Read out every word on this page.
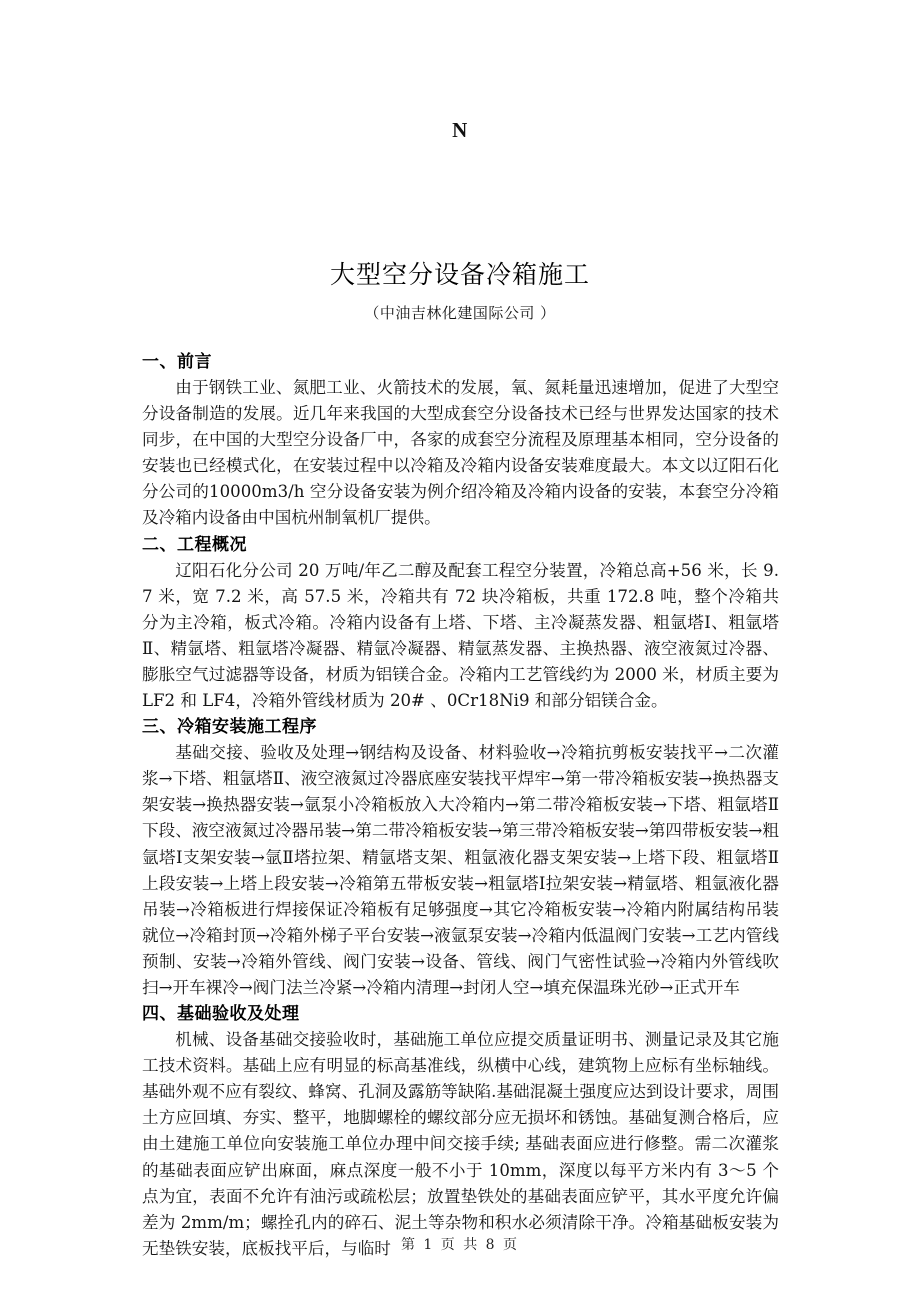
N
大型空分设备冷箱施工
（中油吉林化建国际公司 ）
一、前言

由于钢铁工业、氮肥工业、火箭技术的发展，氧、氮耗量迅速增加，促进了大型空分设备制造的发展。近几年来我国的大型成套空分设备技术已经与世界发达国家的技术同步，在中国的大型空分设备厂中，各家的成套空分流程及原理基本相同，空分设备的安装也已经模式化，在安装过程中以冷箱及冷箱内设备安装难度最大。本文以辽阳石化分公司的10000m3/h 空分设备安装为例介绍冷箱及冷箱内设备的安装，本套空分冷箱及冷箱内设备由中国杭州制氧机厂提供。

二、工程概况

辽阳石化分公司 20 万吨/年乙二醇及配套工程空分装置，冷箱总高+56 米，长 9.7 米，宽 7.2 米，高 57.5 米，冷箱共有 72 块冷箱板，共重 172.8 吨，整个冷箱共分为主冷箱，板式冷箱。冷箱内设备有上塔、下塔、主冷凝蒸发器、粗氩塔Ⅰ、粗氩塔Ⅱ、精氩塔、粗氩塔冷凝器、精氩冷凝器、精氩蒸发器、主换热器、液空液氮过冷器、膨胀空气过滤器等设备，材质为铝镁合金。冷箱内工艺管线约为 2000 米，材质主要为 LF2 和 LF4，冷箱外管线材质为 20# 、0Cr18Ni9 和部分铝镁合金。

三、冷箱安装施工程序

基础交接、验收及处理→钢结构及设备、材料验收→冷箱抗剪板安装找平→二次灌浆→下塔、粗氩塔Ⅱ、液空液氮过冷器底座安装找平焊牢→第一带冷箱板安装→换热器支架安装→换热器安装→氩泵小冷箱板放入大冷箱内→第二带冷箱板安装→下塔、粗氩塔Ⅱ下段、液空液氮过冷器吊装→第二带冷箱板安装→第三带冷箱板安装→第四带板安装→粗氩塔Ⅰ支架安装→氩Ⅱ塔拉架、精氩塔支架、粗氩液化器支架安装→上塔下段、粗氩塔Ⅱ上段安装→上塔上段安装→冷箱第五带板安装→粗氩塔Ⅰ拉架安装→精氩塔、粗氩液化器吊装→冷箱板进行焊接保证冷箱板有足够强度→其它冷箱板安装→冷箱内附属结构吊装就位→冷箱封顶→冷箱外梯子平台安装→液氩泵安装→冷箱内低温阀门安装→工艺内管线预制、安装→冷箱外管线、阀门安装→设备、管线、阀门气密性试验→冷箱内外管线吹扫→开车裸冷→阀门法兰冷紧→冷箱内清理→封闭人空→填充保温珠光砂→正式开车

四、基础验收及处理

机械、设备基础交接验收时，基础施工单位应提交质量证明书、测量记录及其它施工技术资料。基础上应有明显的标高基准线，纵横中心线，建筑物上应标有坐标轴线。基础外观不应有裂纹、蜂窝、孔洞及露筋等缺陷.基础混凝土强度应达到设计要求，周围土方应回填、夯实、整平，地脚螺栓的螺纹部分应无损坏和锈蚀。基础复测合格后，应由土建施工单位向安装施工单位办理中间交接手续; 基础表面应进行修整。需二次灌浆的基础表面应铲出麻面，麻点深度一般不小于 10mm，深度以每平方米内有 3～5 个点为宜，表面不允许有油污或疏松层；放置垫铁处的基础表面应铲平，其水平度允许偏差为 2mm/m；螺拴孔内的碎石、泥土等杂物和积水必须清除干净。冷箱基础板安装为无垫铁安装，底板找平后，与临时 第 1 页 共 8 页
